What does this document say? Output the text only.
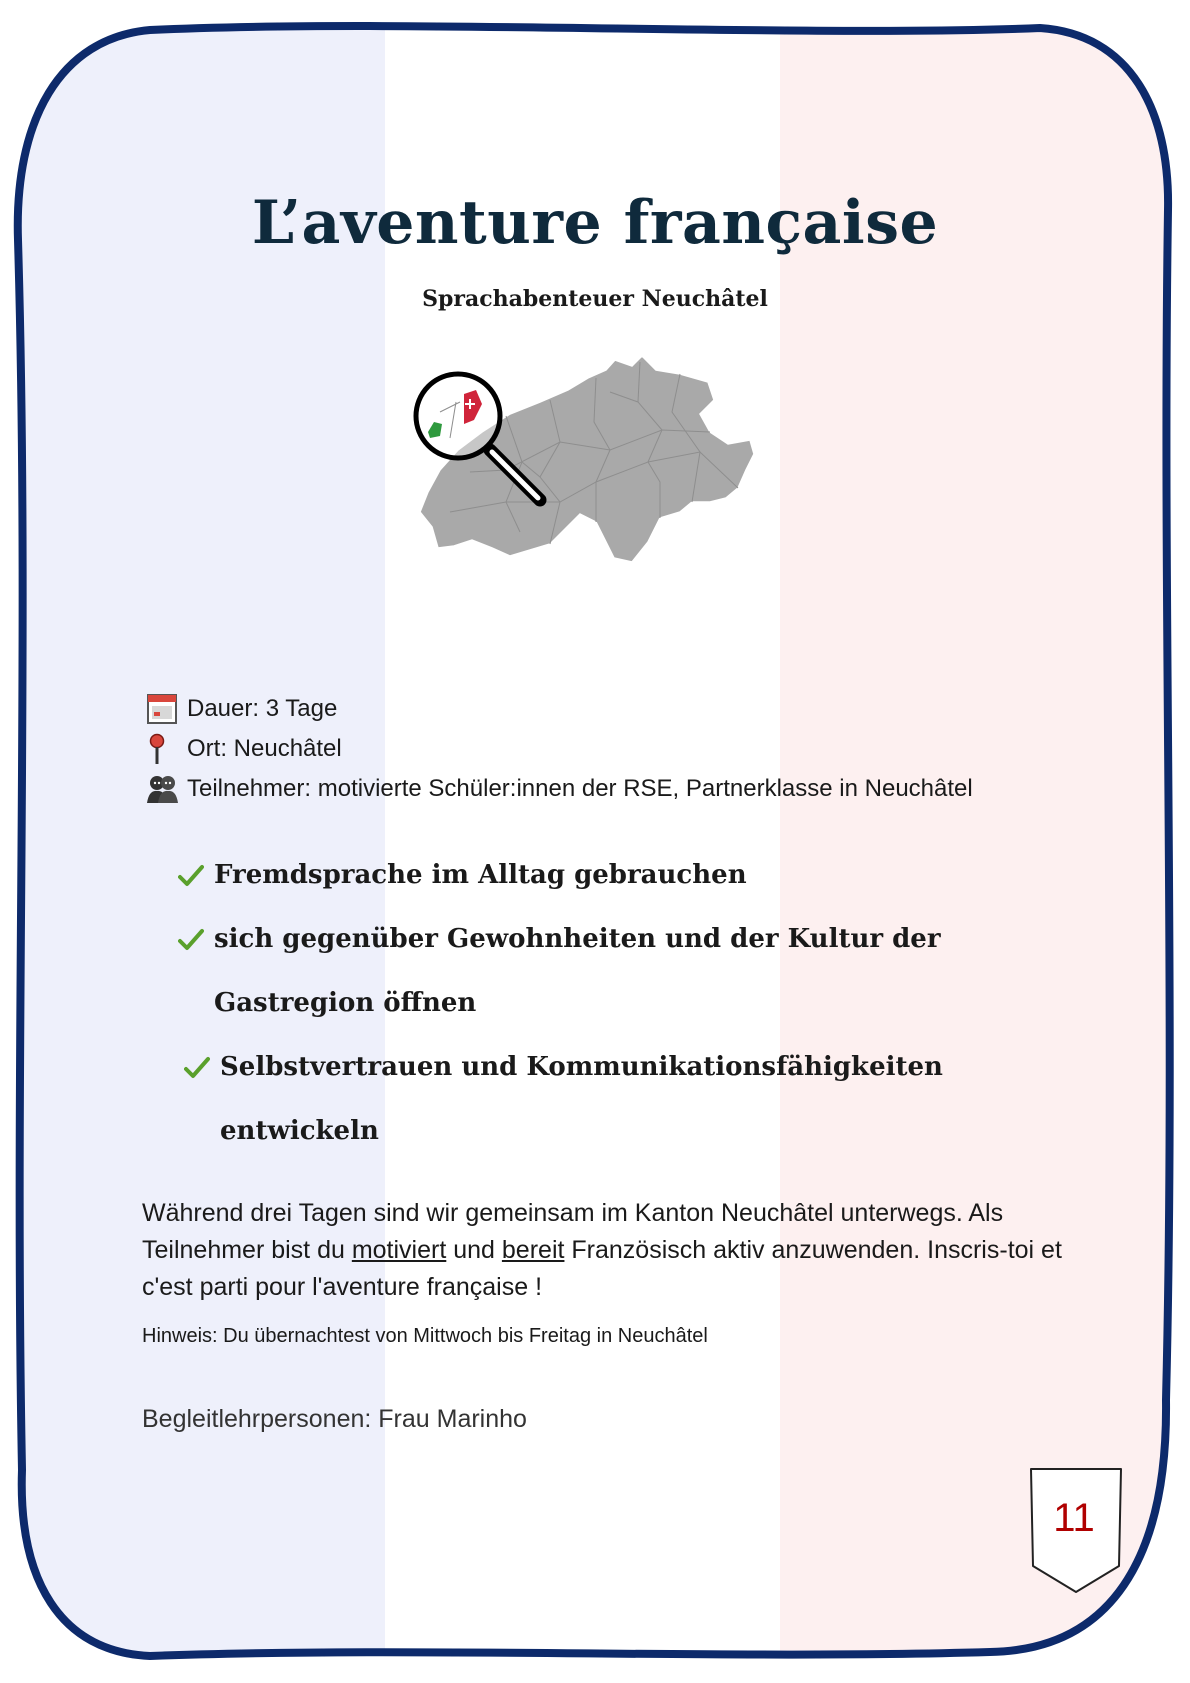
L’aventure française
Sprachabenteuer Neuchâtel
Dauer: 3 Tage
Ort: Neuchâtel
Teilnehmer: motivierte Schüler:innen der RSE, Partnerklasse in Neuchâtel
Fremdsprache im Alltag gebrauchen
sich gegenüber Gewohnheiten und der Kultur der
Gastregion öffnen
Selbstvertrauen und Kommunikationsfähigkeiten
entwickeln

Während drei Tagen sind wir gemeinsam im Kanton Neuchâtel unterwegs. Als Teilnehmer bist du motiviert und bereit Französisch aktiv anzuwenden. Inscris-toi et c'est parti pour l'aventure française !

Hinweis: Du übernachtest von Mittwoch bis Freitag in Neuchâtel
Begleitlehrpersonen: Frau Marinho
11
